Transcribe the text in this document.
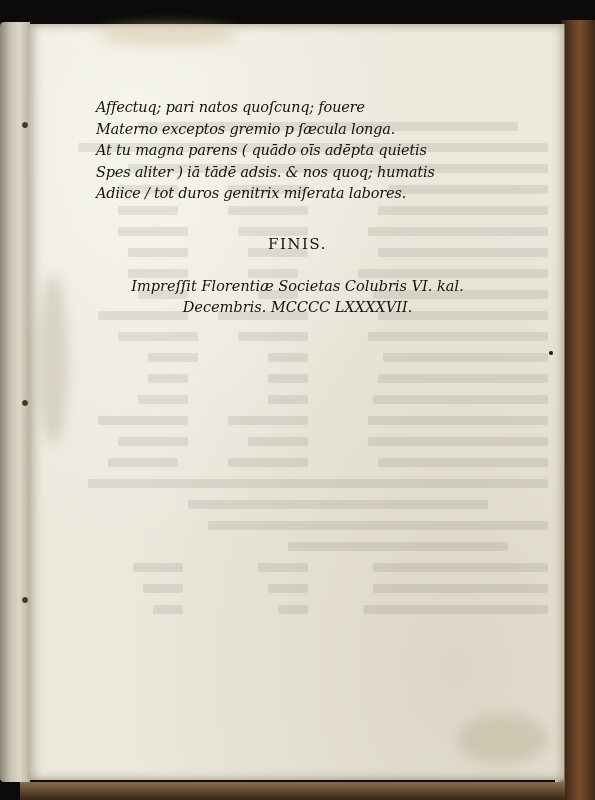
Affectuq; pari natos quoſcunq; fouere
Materno exceptos gremio p ſæcula longa.
At tu magna parens ( quādo oīs adēpta quietis
Spes aliter ) iā tādē adsis. & nos quoq; humatis
Adiice / tot duros genitrix miſerata labores.
FINIS.
Impreſſit Florentiæ Societas Colubris VI. kal.
Decembris. MCCCC LXXXXVII.
